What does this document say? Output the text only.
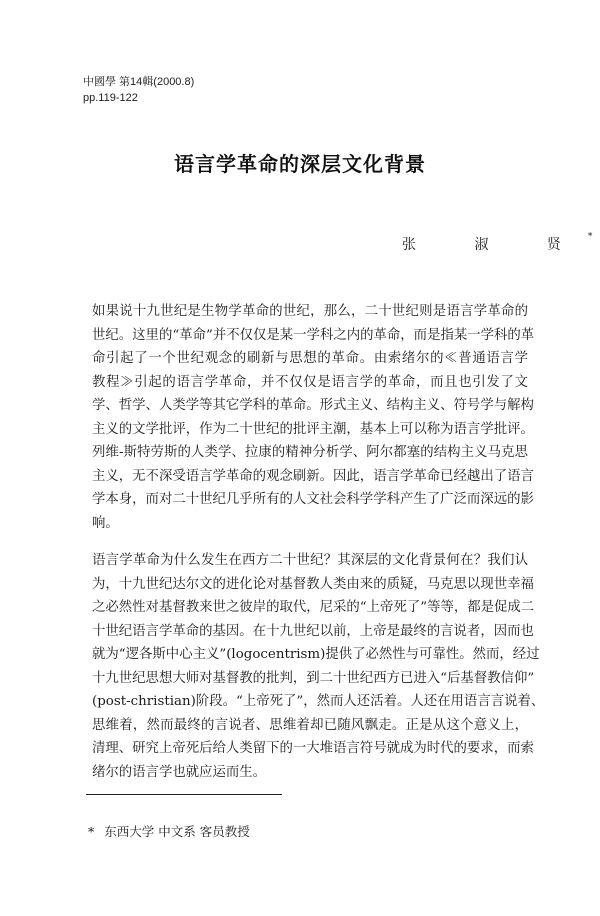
中國學 第14輯(2000.8)
pp.119-122
语言学革命的深层文化背景
张 淑 贤*
如果说十九世纪是生物学革命的世纪，那么，二十世纪则是语言学革命的
世纪。这里的“革命”并不仅仅是某一学科之内的革命，而是指某一学科的革
命引起了一个世纪观念的刷新与思想的革命。由索绪尔的≪普通语言学
教程≫引起的语言学革命，并不仅仅是语言学的革命，而且也引发了文
学、哲学、人类学等其它学科的革命。形式主义、结构主义、符号学与解构
主义的文学批评，作为二十世纪的批评主潮，基本上可以称为语言学批评。
列维-斯特劳斯的人类学、拉康的精神分析学、阿尔都塞的结构主义马克思
主义，无不深受语言学革命的观念刷新。因此，语言学革命已经越出了语言
学本身，而对二十世纪几乎所有的人文社会科学学科产生了广泛而深远的影
响。
语言学革命为什么发生在西方二十世纪？其深层的文化背景何在？我们认
为，十九世纪达尔文的进化论对基督教人类由来的质疑，马克思以现世幸福
之必然性对基督教来世之彼岸的取代，尼采的“上帝死了”等等，都是促成二
十世纪语言学革命的基因。在十九世纪以前，上帝是最终的言说者，因而也
就为“逻各斯中心主义”(logocentrism)提供了必然性与可靠性。然而，经过
十九世纪思想大师对基督教的批判，到二十世纪西方已进入“后基督教信仰”
(post-christian)阶段。“上帝死了”，然而人还活着。人还在用语言言说着、
思维着，然而最终的言说者、思维着却已随风飘走。正是从这个意义上，
清理、研究上帝死后给人类留下的一大堆语言符号就成为时代的要求，而索
绪尔的语言学也就应运而生。
* 东西大学 中文系 客员教授
